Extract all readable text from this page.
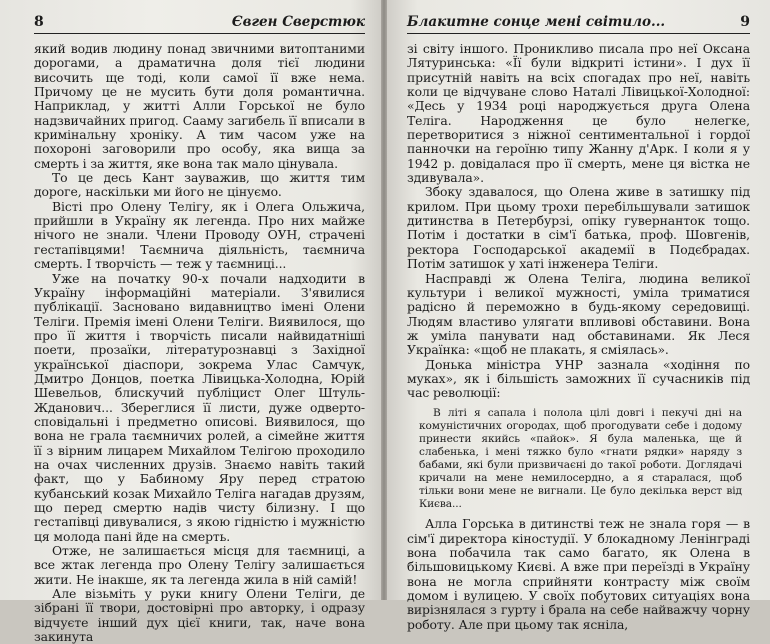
8	Євген Сверстюк

який водив людину понад звичними витоптаними дорогами, а драматична доля тієї людини височить ще тоді, коли самої її вже нема. Причому це не мусить бути доля романтична. Наприклад, у житті Алли Горської не було надзвичайних пригод. Сааму загибель її вписали в кримінальну хроніку. А тим часом уже на похороні заговорили про особу, яка вища за смерть і за життя, яке вона так мало цінувала.

То це десь Кант зауважив, що життя тим дороге, наскільки ми його не цінуємо.

Вісті про Олену Телігу, як і Олега Ольжича, прийшли в Україну як легенда. Про них майже нічого не знали. Члени Проводу ОУН, страчені гестапівцями! Таємнича діяльність, таємнича смерть. І творчість — теж у таємниці...

Уже на початку 90-х почали надходити в Україну інформаційні матеріали. З'явилися публікації. Засновано видавництво імені Олени Теліги. Премія імені Олени Теліги. Виявилося, що про її життя і творчість писали найвидатніші поети, прозаїки, літературознавці з Західної української діаспори, зокрема Улас Самчук, Дмитро Донцов, поетка Лівицька-Холодна, Юрій Шевельов, блискучий публіцист Олег Штуль-Жданович... Збереглися її листи, дуже одверто-сповідальні і предметно описові. Виявилося, що вона не грала таємничих ролей, а сімейне життя її з вірним лицарем Михайлом Телігою проходило на очах численних друзів. Знаємо навіть такий факт, що у Бабиному Яру перед стратою кубанський козак Михайло Теліга нагадав друзям, що перед смертю надів чисту білизну. І що гестапівці дивувалися, з якою гідністю і мужністю ця молода пані йде на смерть.

Отже, не залишається місця для таємниці, а все жтак легенда про Олену Телігу залишається жити. Не інакше, як та легенда жила в ній самій!

Але візьміть у руки книгу Олени Теліги, де зібрані її твори, достовірні про авторку, і одразу відчуєте інший дух цієї книги, так, наче вона закинута

Блакитне сонце мені світило...	9

зі світу іншого. Проникливо писала про неї Оксана Лятуринська: «Її були відкриті істини». І дух її присутній навіть на всіх спогадах про неї, навіть коли це відчуване слово Наталі Лівицької-Холодної: «Десь у 1934 році народжується друга Олена Теліга. Народження це було нелегке, перетворитися з ніжної сентиментальної і гордої панночки на героїню типу Жанну д'Арк. І коли я у 1942 р. довідалася про її смерть, мене ця вістка не здивувала».

Збоку здавалося, що Олена живе в затишку під крилом. При цьому трохи перебільшували затишок дитинства в Петербурзі, опіку гувернанток тощо. Потім і достатки в сім'ї батька, проф. Шовгенів, ректора Господарської академії в Подєбрадах. Потім затишок у хаті інженера Теліги.

Насправді ж Олена Теліга, людина великої культури і великої мужності, уміла триматися радісно й переможно в будь-якому середовищі. Людям властиво улягати впливові обставини. Вона ж уміла панувати над обставинами. Як Леся Українка: «щоб не плакать, я сміялась».

Донька міністра УНР зазнала «ходіння по муках», як і більшість заможних її сучасників під час революції:

В літі я сапала і полола цілі довгі і пекучі дні на комуністичних огородах, щоб прогодувати себе і додому принести якийсь «пайок». Я була маленька, ще й слабенька, і мені тяжко було «гнати рядки» наряду з бабами, які були призвичаєні до такої роботи. Доглядачі кричали на мене немилосердно, а я старалася, щоб тільки вони мене не вигнали. Це було декілька верст від Києва...

Алла Горська в дитинстві теж не знала горя — в сім'ї директора кіностудії. У блокадному Ленінграді вона побачила так само багато, як Олена в більшовицькому Києві. А вже при переїзді в Україну вона не могла сприйняти контрасту між своїм домом і вулицею. У своїх побутових ситуаціях вона вирізнялася з гурту і брала на себе найважчу чорну роботу. Але при цьому так ясніла,
